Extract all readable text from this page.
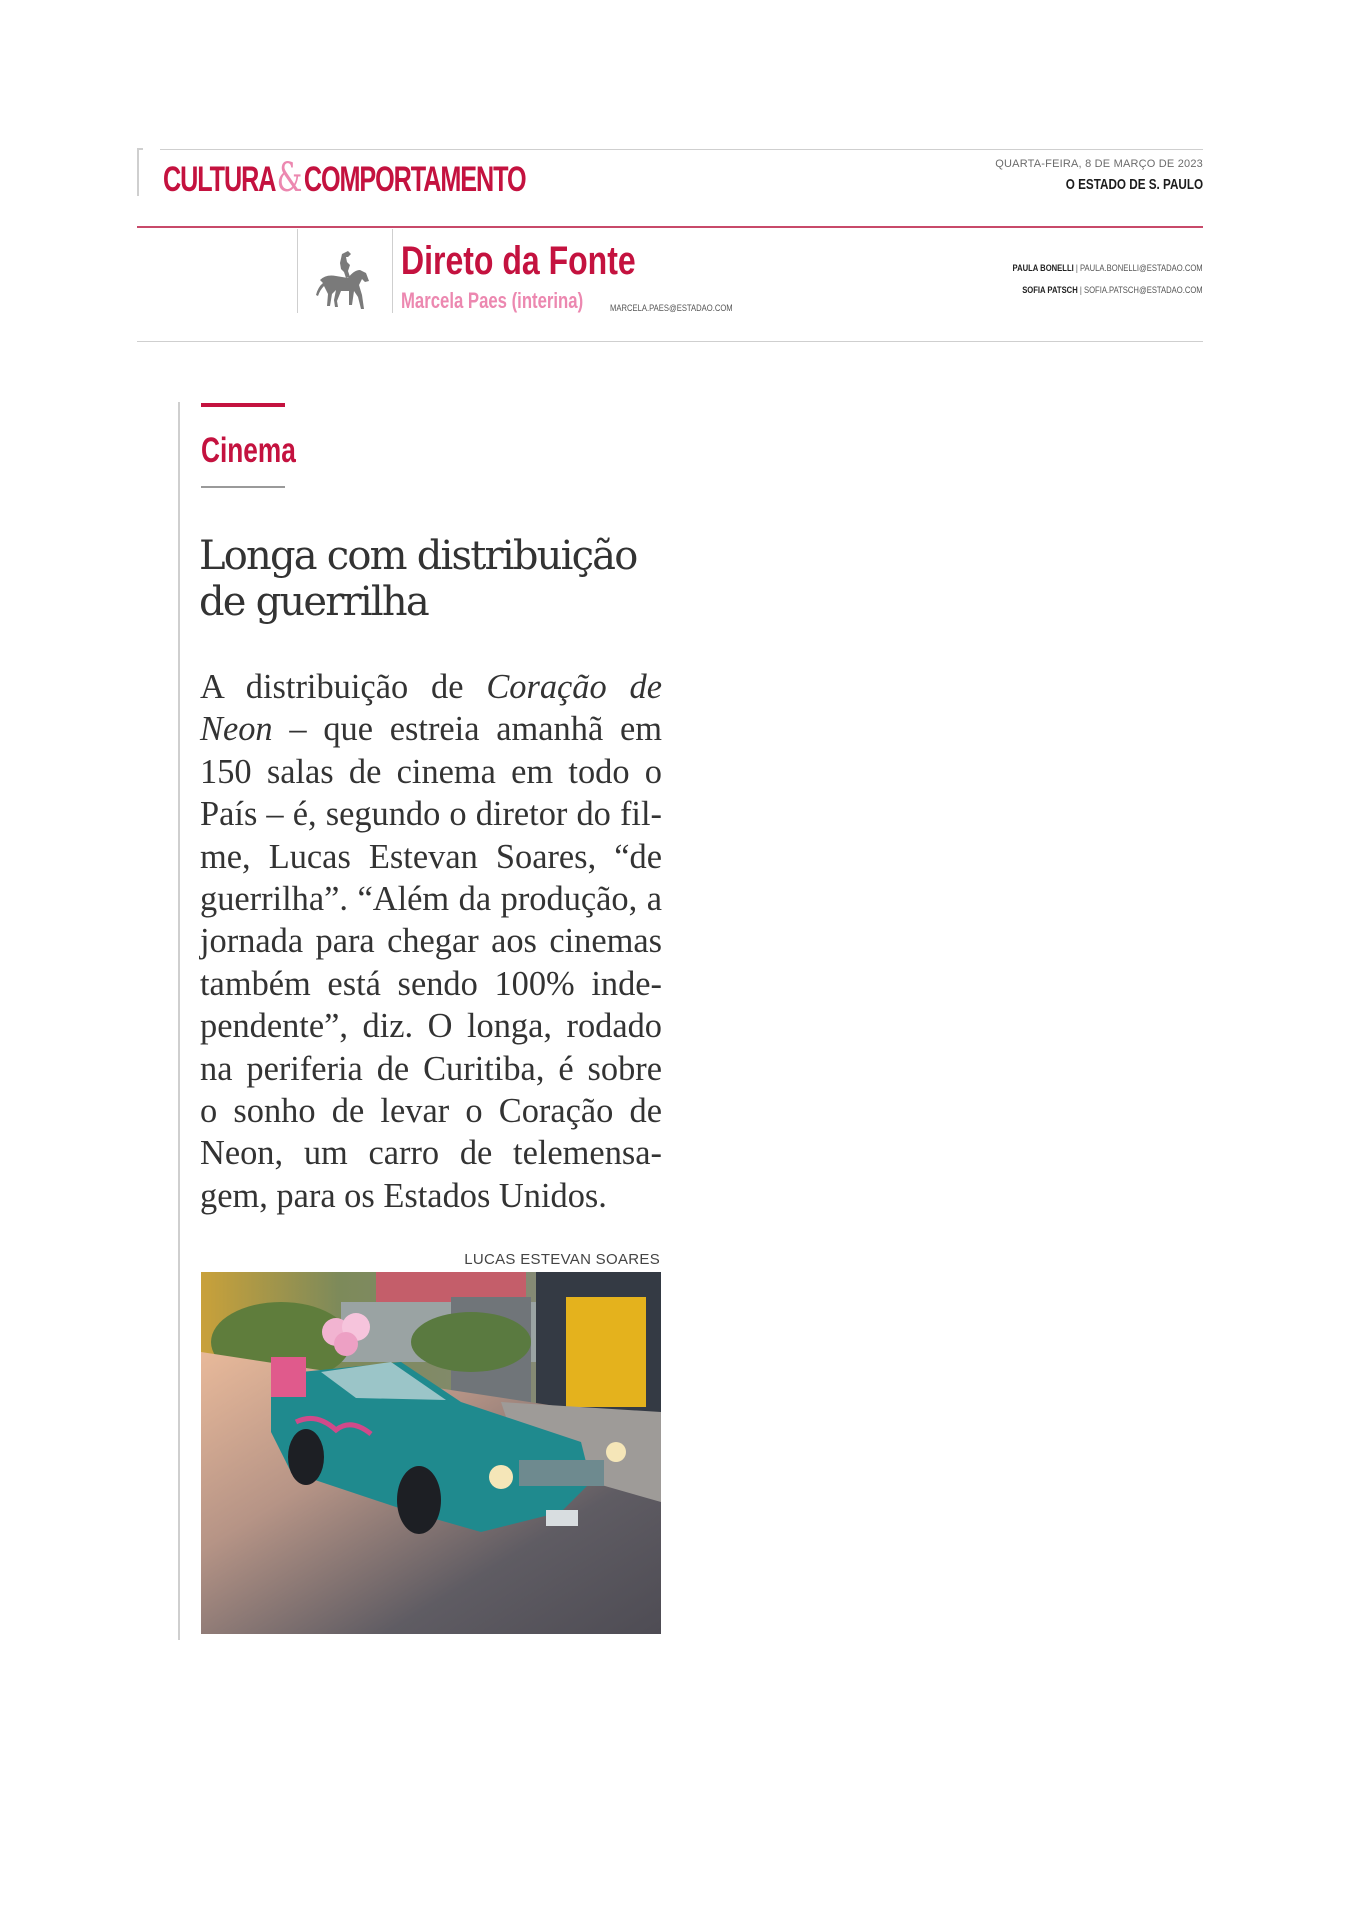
CULTURA&COMPORTAMENTO	QUARTA-FEIRA, 8 DE MARÇO DE 2023
O ESTADO DE S. PAULO
Direto da Fonte
Marcela Paes (interina)	MARCELA.PAES@ESTADAO.COM
PAULA BONELLI | PAULA.BONELLI@ESTADAO.COM
SOFIA PATSCH | SOFIA.PATSCH@ESTADAO.COM
Cinema
Longa com distribuição
de guerrilha
A distribuição de Coração de
Neon – que estreia amanhã em
150 salas de cinema em todo o
País – é, segundo o diretor do fil-
me, Lucas Estevan Soares, “de
guerrilha”. “Além da produção, a
jornada para chegar aos cinemas
também está sendo 100% inde-
pendente”, diz. O longa, rodado
na periferia de Curitiba, é sobre
o sonho de levar o Coração de
Neon, um carro de telemensa-
gem, para os Estados Unidos.
LUCAS ESTEVAN SOARES
